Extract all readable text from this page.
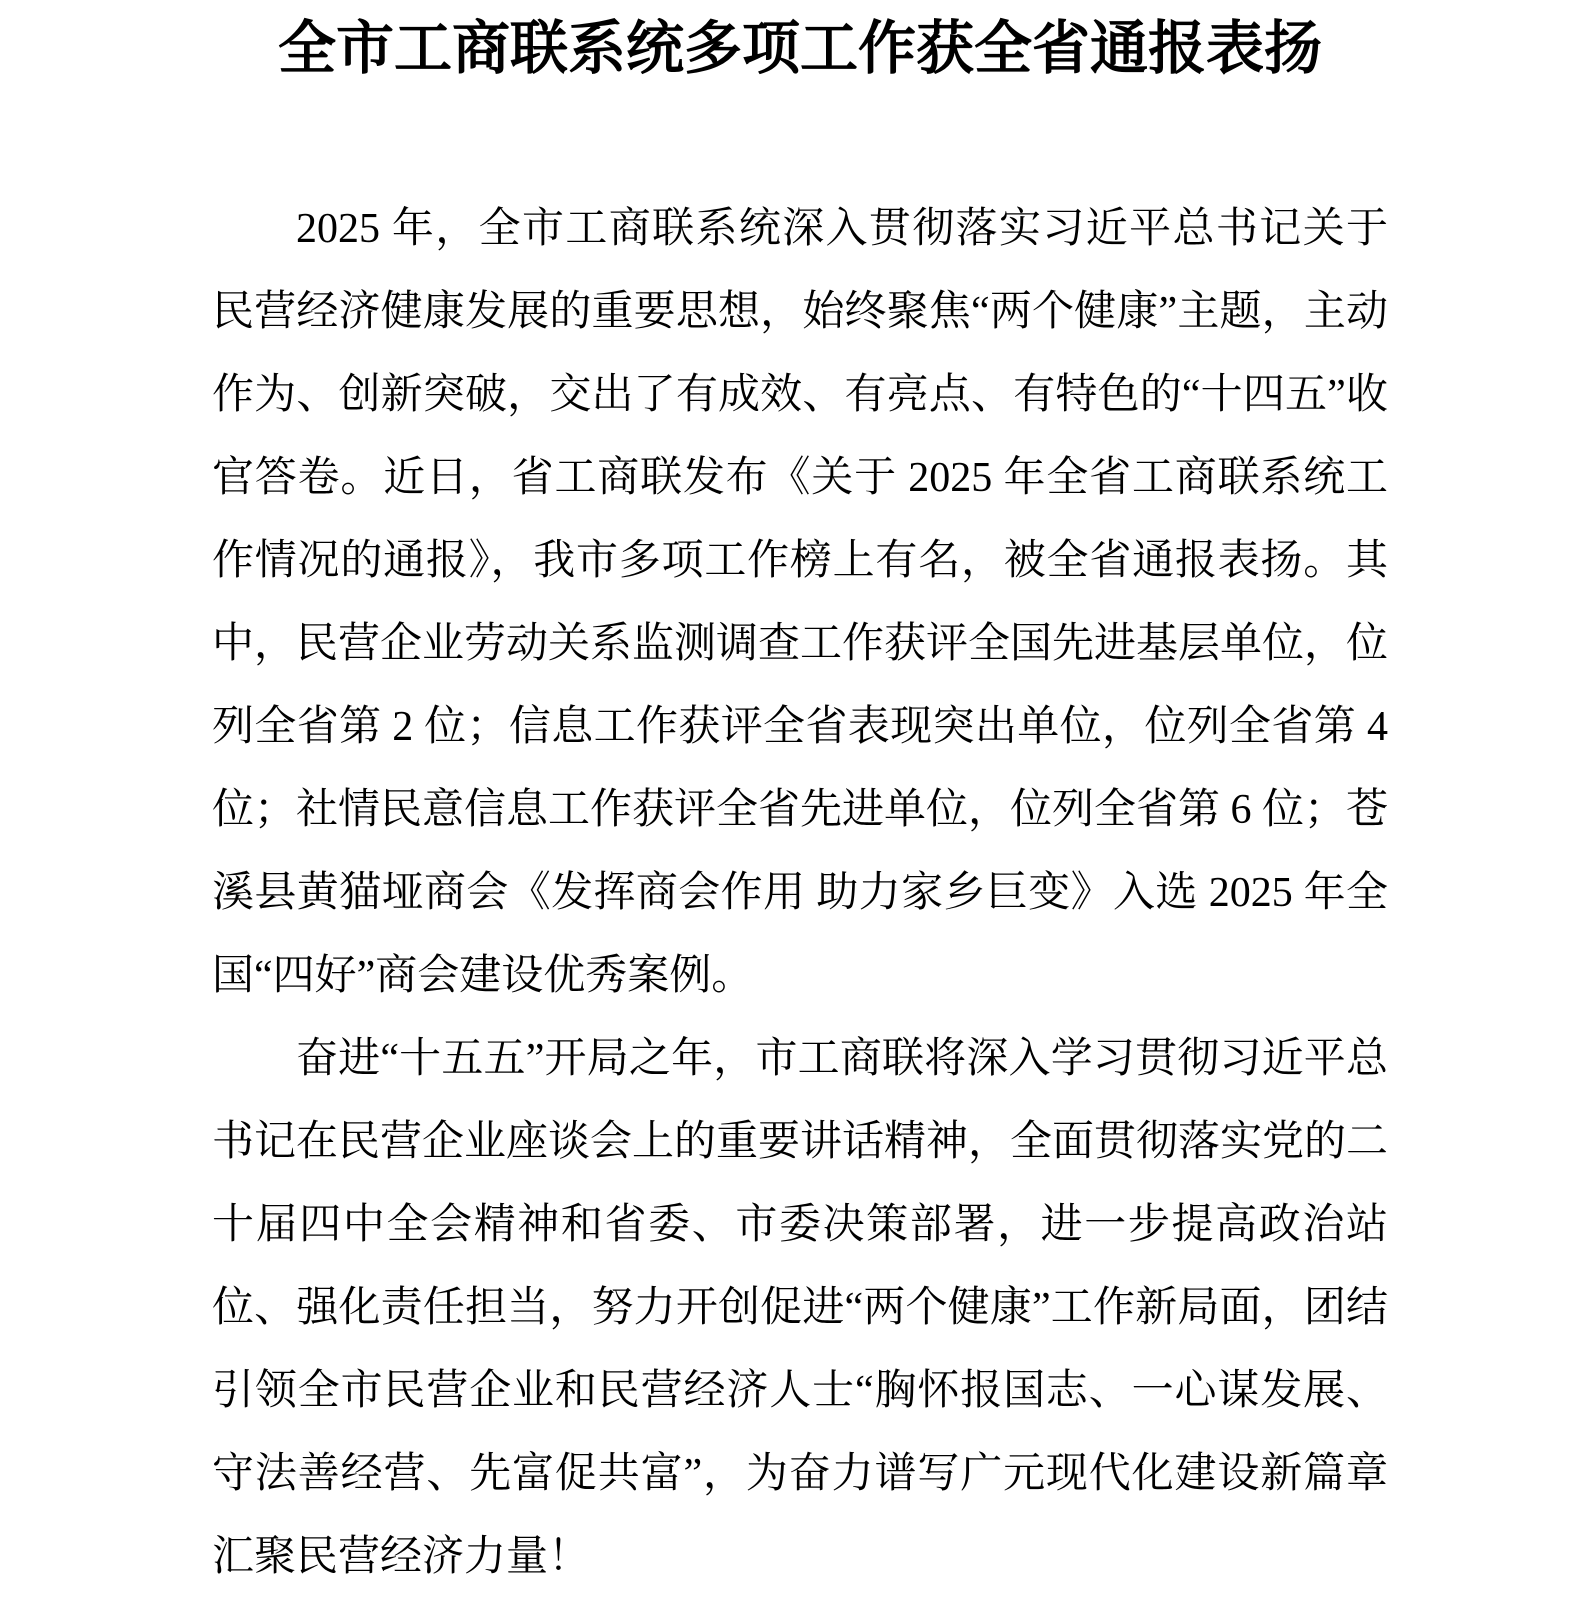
全市工商联系统多项工作获全省通报表扬

2025 年，全市工商联系统深入贯彻落实习近平总书记关于民营经济健康发展的重要思想，始终聚焦“两个健康”主题，主动作为、创新突破，交出了有成效、有亮点、有特色的“十四五”收官答卷。近日，省工商联发布《关于 2025 年全省工商联系统工作情况的通报》，我市多项工作榜上有名，被全省通报表扬。其中，民营企业劳动关系监测调查工作获评全国先进基层单位，位列全省第 2 位；信息工作获评全省表现突出单位，位列全省第 4 位；社情民意信息工作获评全省先进单位，位列全省第 6 位；苍溪县黄猫垭商会《发挥商会作用 助力家乡巨变》入选 2025 年全国“四好”商会建设优秀案例。

奋进“十五五”开局之年，市工商联将深入学习贯彻习近平总书记在民营企业座谈会上的重要讲话精神，全面贯彻落实党的二十届四中全会精神和省委、市委决策部署，进一步提高政治站位、强化责任担当，努力开创促进“两个健康”工作新局面，团结引领全市民营企业和民营经济人士“胸怀报国志、一心谋发展、守法善经营、先富促共富”，为奋力谱写广元现代化建设新篇章汇聚民营经济力量！
